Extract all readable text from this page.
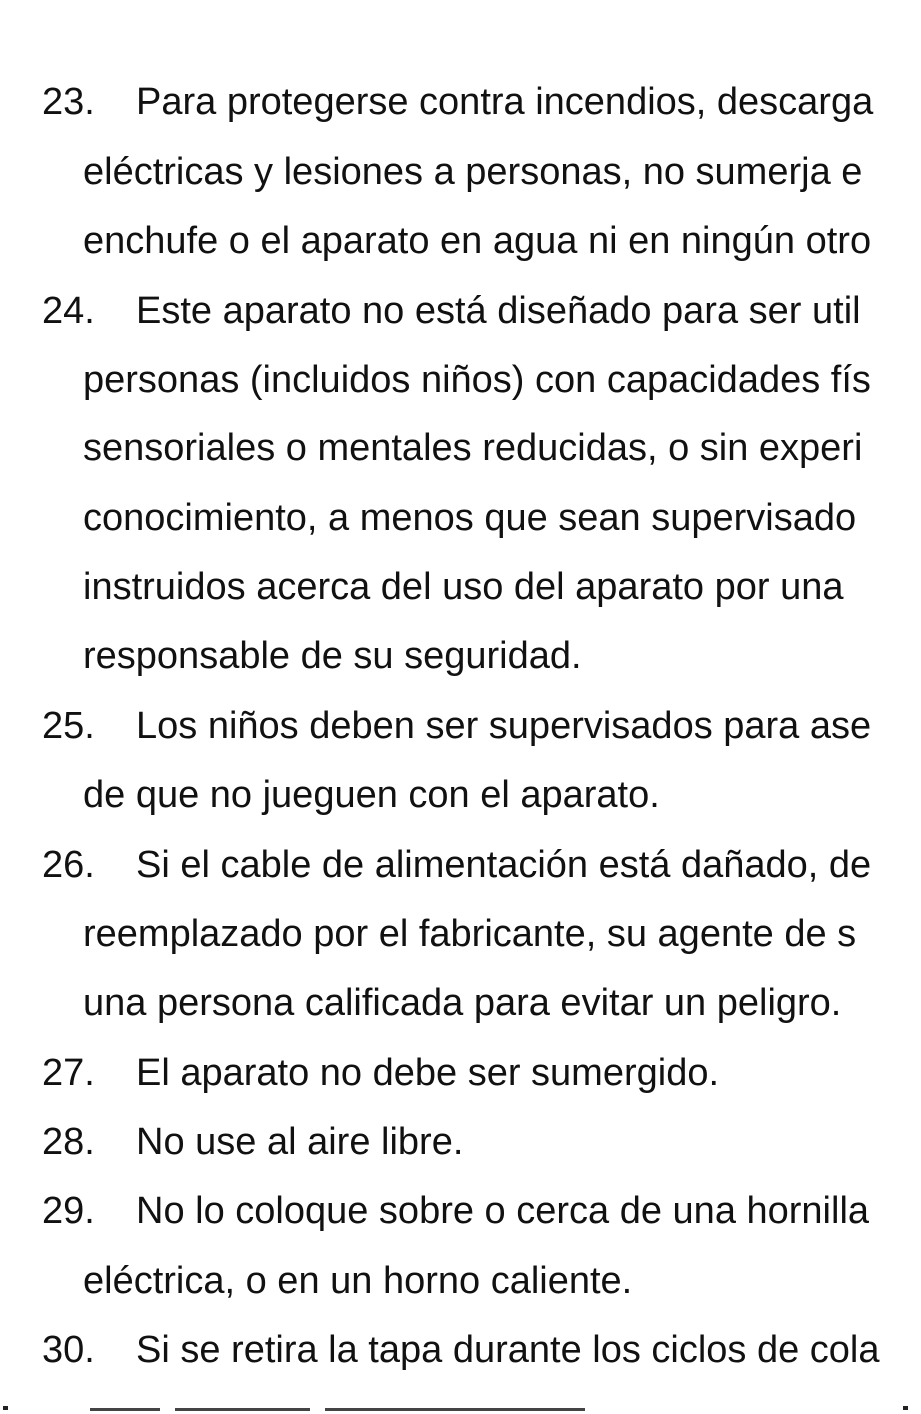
23. Para protegerse contra incendios, descarga
eléctricas y lesiones a personas, no sumerja e
enchufe o el aparato en agua ni en ningún otro
24. Este aparato no está diseñado para ser util
personas (incluidos niños) con capacidades fís
sensoriales o mentales reducidas, o sin experi
conocimiento, a menos que sean supervisado
instruidos acerca del uso del aparato por una
responsable de su seguridad.
25. Los niños deben ser supervisados para ase
de que no jueguen con el aparato.
26. Si el cable de alimentación está dañado, de
reemplazado por el fabricante, su agente de s
una persona calificada para evitar un peligro.
27. El aparato no debe ser sumergido.
28. No use al aire libre.
29. No lo coloque sobre o cerca de una hornilla
eléctrica, o en un horno caliente.
30. Si se retira la tapa durante los ciclos de cola
